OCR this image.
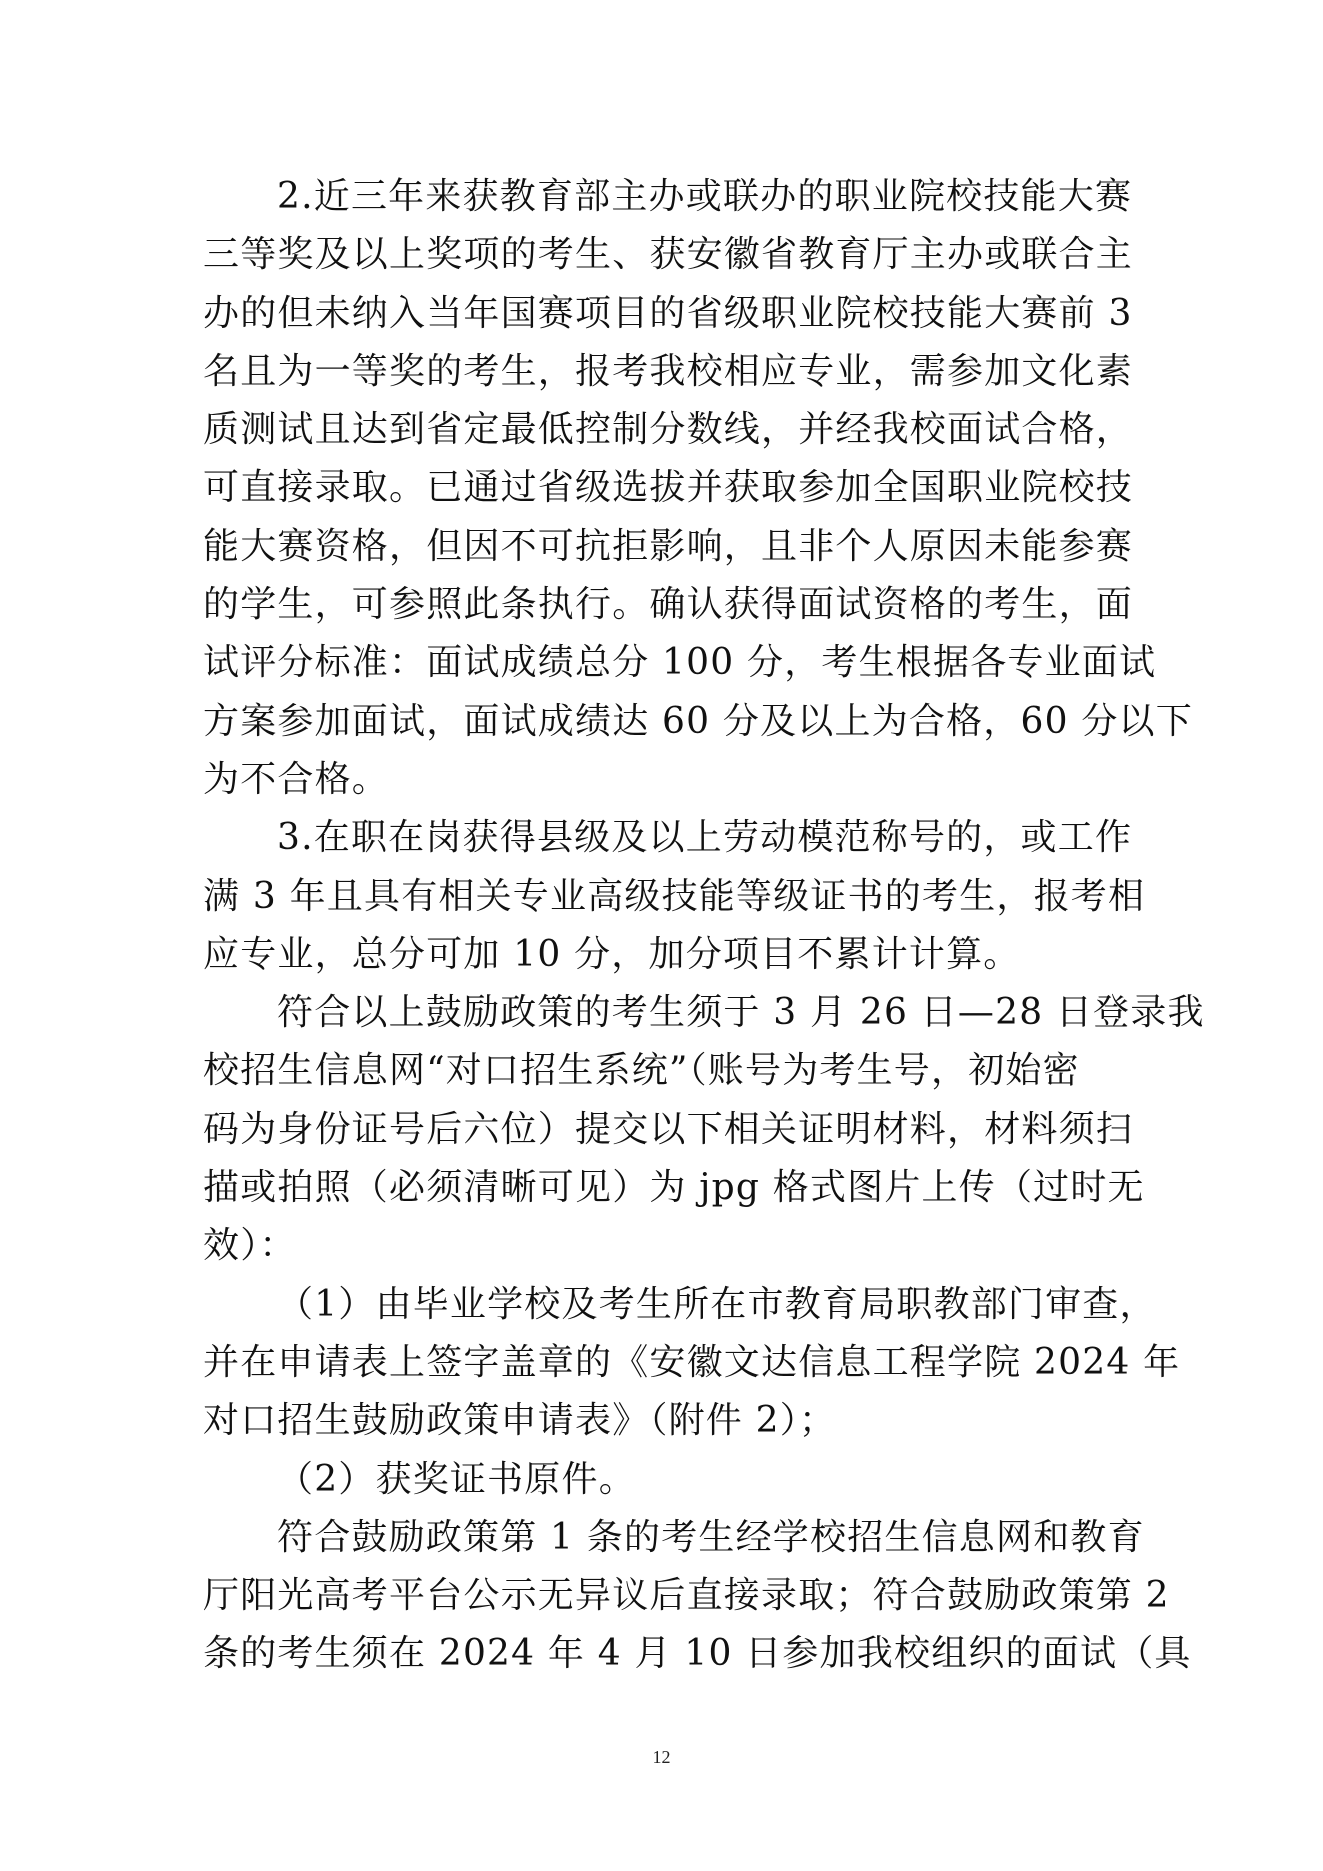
2.近三年来获教育部主办或联办的职业院校技能大赛
三等奖及以上奖项的考生、获安徽省教育厅主办或联合主
办的但未纳入当年国赛项目的省级职业院校技能大赛前 3
名且为一等奖的考生，报考我校相应专业，需参加文化素
质测试且达到省定最低控制分数线，并经我校面试合格，
可直接录取。已通过省级选拔并获取参加全国职业院校技
能大赛资格，但因不可抗拒影响，且非个人原因未能参赛
的学生，可参照此条执行。确认获得面试资格的考生，面
试评分标准：面试成绩总分 100 分，考生根据各专业面试
方案参加面试，面试成绩达 60 分及以上为合格，60 分以下
为不合格。
3.在职在岗获得县级及以上劳动模范称号的，或工作
满 3 年且具有相关专业高级技能等级证书的考生，报考相
应专业，总分可加 10 分，加分项目不累计计算。
符合以上鼓励政策的考生须于 3 月 26 日—28 日登录我
校招生信息网“对口招生系统”（账号为考生号，初始密
码为身份证号后六位）提交以下相关证明材料，材料须扫
描或拍照（必须清晰可见）为 jpg 格式图片上传（过时无
效）：
（1）由毕业学校及考生所在市教育局职教部门审查，
并在申请表上签字盖章的《安徽文达信息工程学院 2024 年
对口招生鼓励政策申请表》（附件 2）；
（2）获奖证书原件。
符合鼓励政策第 1 条的考生经学校招生信息网和教育
厅阳光高考平台公示无异议后直接录取；符合鼓励政策第 2
条的考生须在 2024 年 4 月 10 日参加我校组织的面试（具
12
